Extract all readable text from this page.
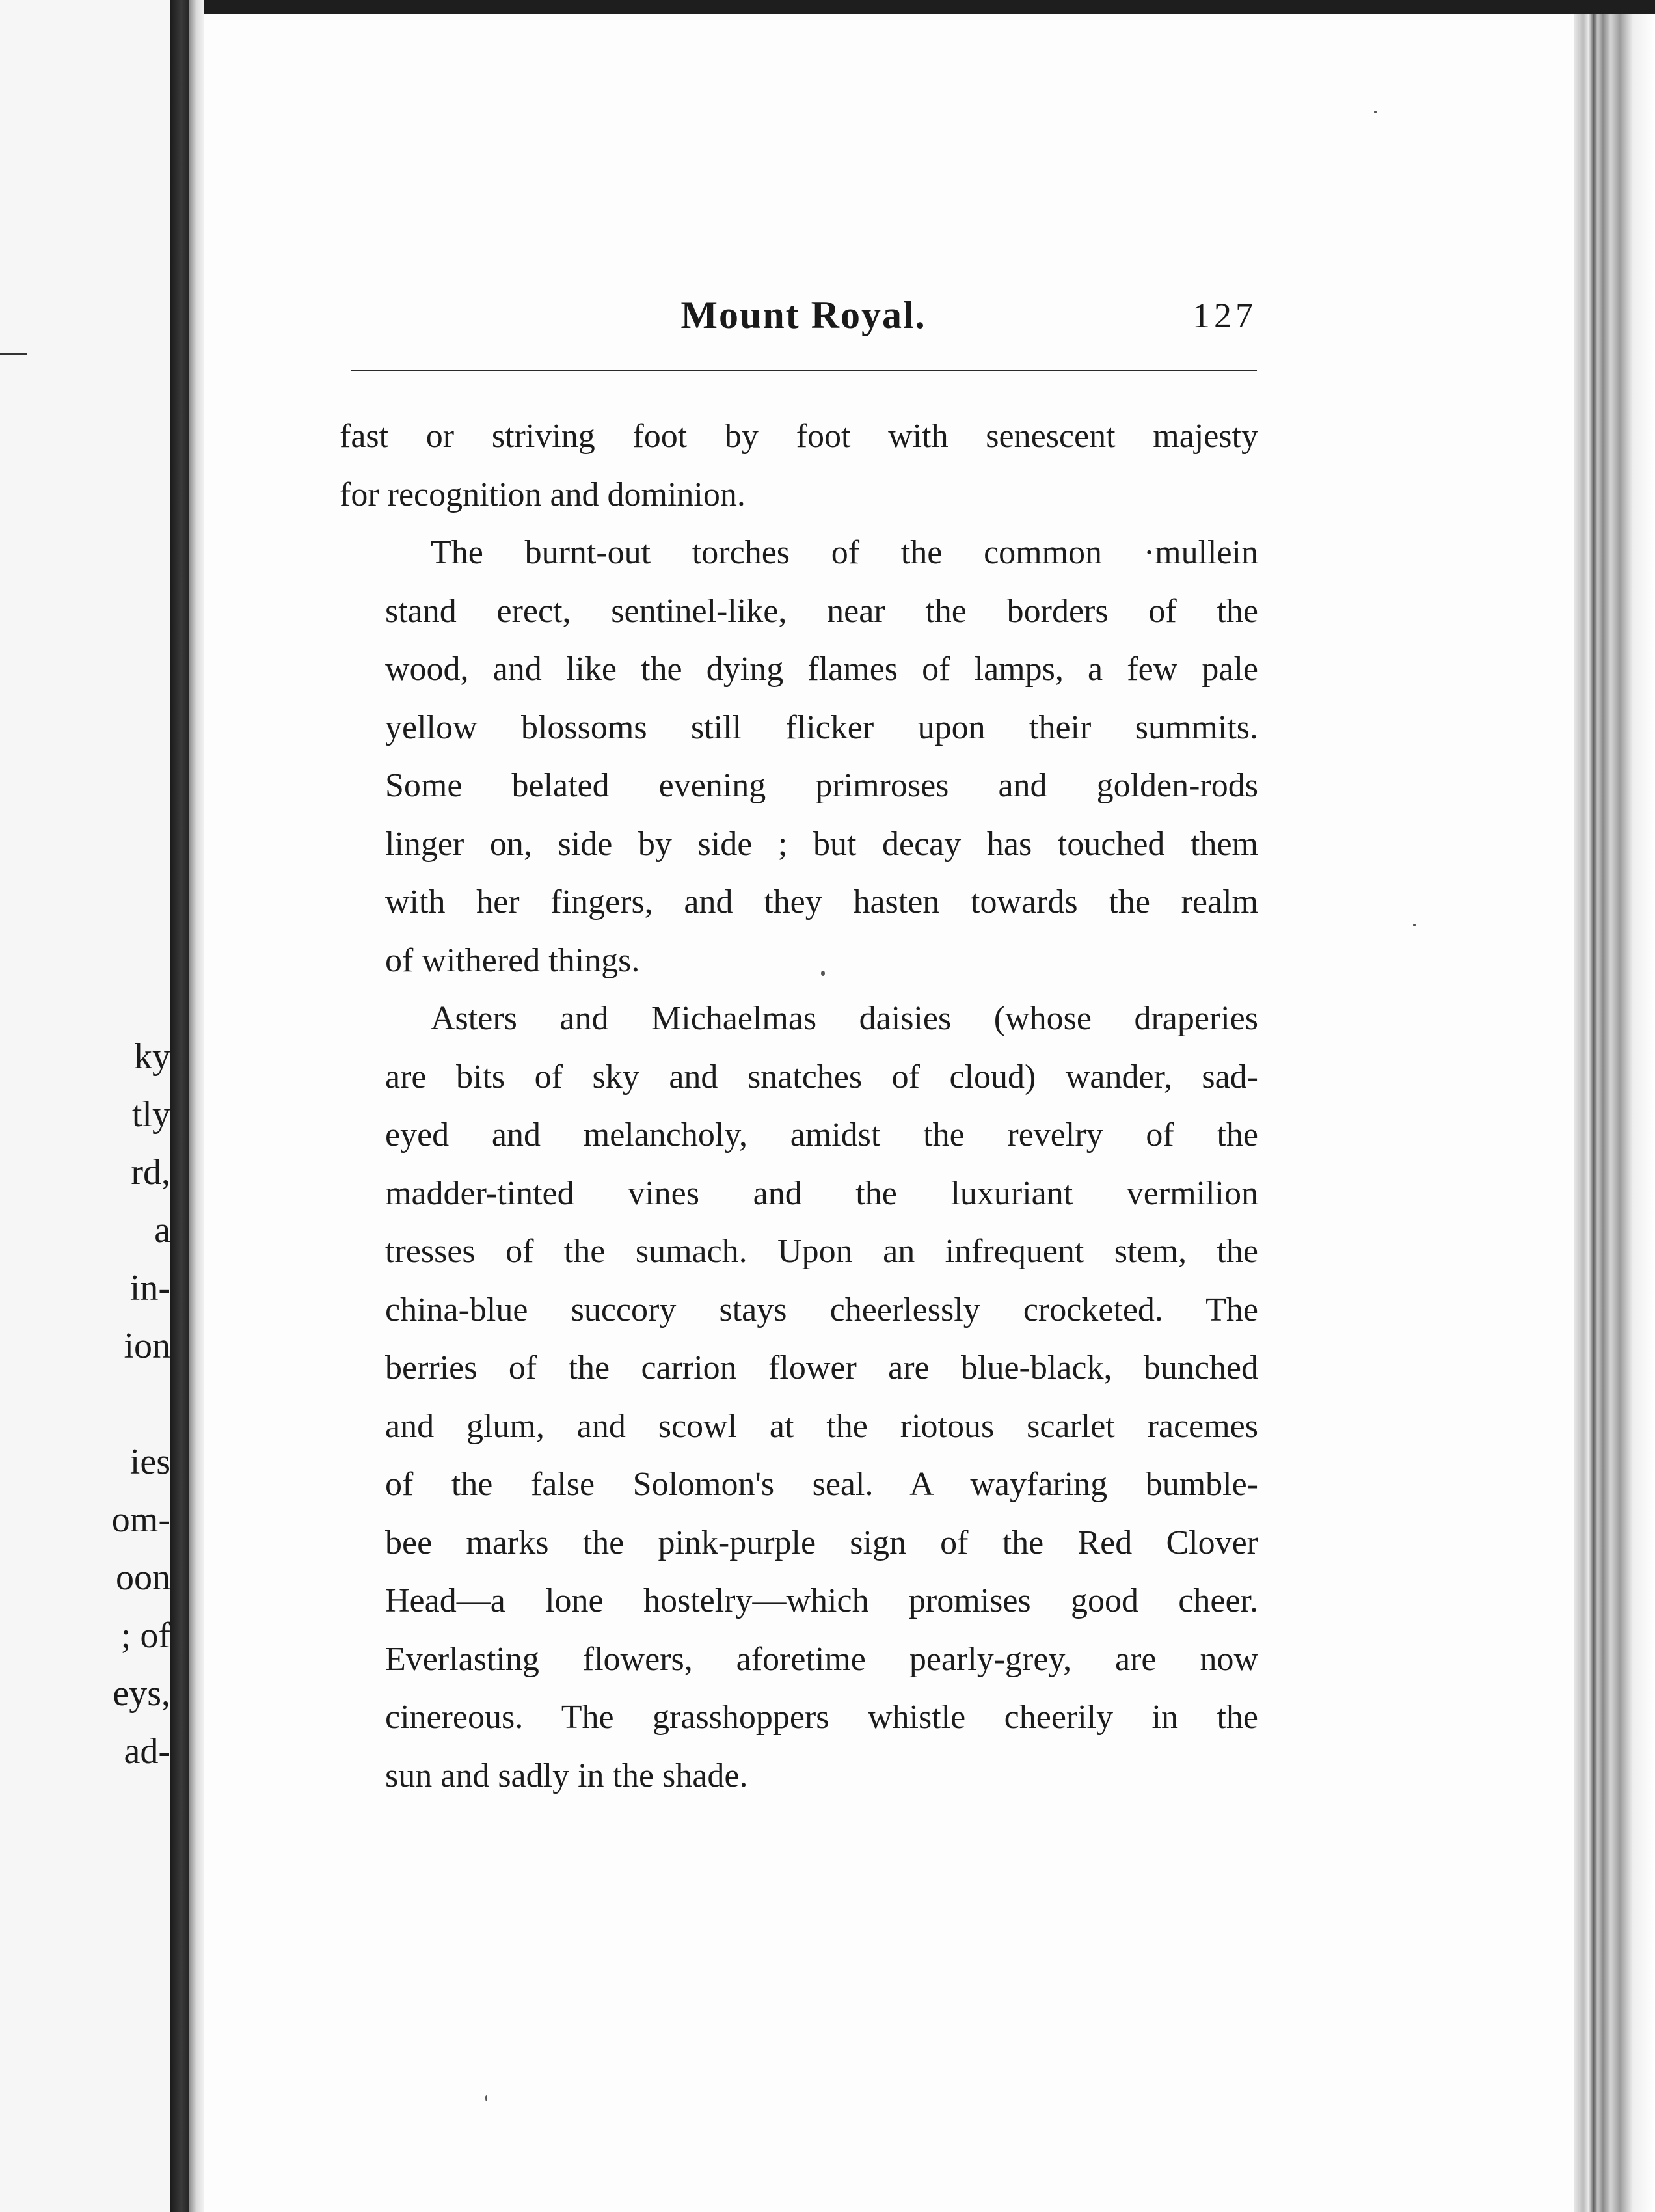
ky
tly
rd,
a
in-
ion
ies
om-
oon
; of
eys,
ad-
Mount Royal.	127

fast or striving foot by foot with senescent majesty
for recognition and dominion.

The burnt-out torches of the common ·mullein
stand erect, sentinel-like, near the borders of the
wood, and like the dying flames of lamps, a few pale
yellow blossoms still flicker upon their summits.
Some belated evening primroses and golden-rods
linger on, side by side ; but decay has touched them
with her fingers, and they hasten towards the realm
of withered things.

Asters and Michaelmas daisies (whose draperies
are bits of sky and snatches of cloud) wander, sad-
eyed and melancholy, amidst the revelry of the
madder-tinted vines and the luxuriant vermilion
tresses of the sumach. Upon an infrequent stem, the
china-blue succory stays cheerlessly crocketed. The
berries of the carrion flower are blue-black, bunched
and glum, and scowl at the riotous scarlet racemes
of the false Solomon's seal. A wayfaring bumble-
bee marks the pink-purple sign of the Red Clover
Head—a lone hostelry—which promises good cheer.
Everlasting flowers, aforetime pearly-grey, are now
cinereous. The grasshoppers whistle cheerily in the
sun and sadly in the shade.
